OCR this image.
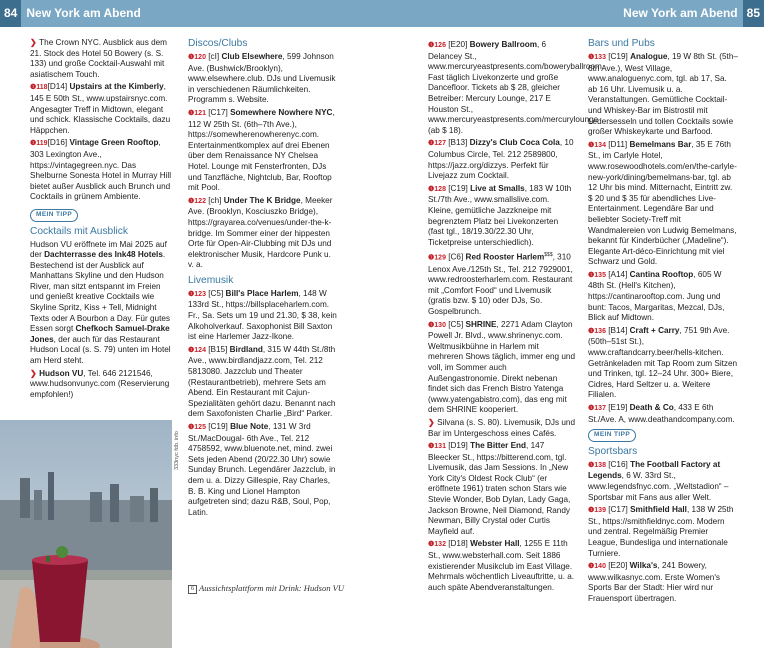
84 New York am Abend	85
New York am Abend

❯ The Crown NYC. Ausblick aus dem 21. Stock des Hotel 50 Bowery (s. S. 133) und große Cocktail-Auswahl mit asiatischem Touch.

❶118[D14] Upstairs at the Kimberly, 145 E 50th St., www.upstairsnyc.com. Angesagter Treff in Midtown, elegant und schick. Klassische Cocktails, dazu Häppchen.

❶119[D16] Vintage Green Rooftop, 303 Lexington Ave., https://vintagegreen.nyc. Das Shelburne Sonesta Hotel in Murray Hill bietet außer Ausblick auch Brunch und Cocktails in grünem Ambiente.

MEIN TIPP
Cocktails mit Ausblick

Hudson VU eröffnete im Mai 2025 auf der Dachterrasse des Ink48 Hotels. Bestechend ist der Ausblick auf Manhattans Skyline und den Hudson River, man sitzt entspannt im Freien und genießt kreative Cocktails wie Skyline Spritz, Kiss + Tell, Midnight Texts oder A Bourbon a Day. Für gutes Essen sorgt Chefkoch Samuel-Drake Jones, der auch für das Restaurant Hudson Local (s. S. 79) unten im Hotel am Herd steht.

❯ Hudson VU, Tel. 646 2121546, www.hudsonvunyc.com (Reservierung empfohlen!)

333nyc fdb. info
6 Aussichtsplattform mit Drink: Hudson VU
Discos/Clubs

❶120 [cI] Club Elsewhere, 599 Johnson Ave. (Bushwick/Brooklyn), www.elsewhere.club. DJs und Livemusik in verschiedenen Räumlichkeiten. Programm s. Website.

❶121 [C17] Somewhere Nowhere NYC, 112 W 25th St. (6th–7th Ave.), https://somewherenowherenyc.com. Entertainmentkomplex auf drei Ebenen über dem Renaissance NY Chelsea Hotel. Lounge mit Fensterfronten, DJs und Tanzfläche, Nightclub, Bar, Rooftop mit Pool.

❶122 [ch] Under The K Bridge, Meeker Ave. (Brooklyn, Kosciuszko Bridge), https://grayarea.co/venues/under-the-k-bridge. Im Sommer einer der hippesten Orte für Open-Air-Clubbing mit DJs und elektronischer Musik, Hardcore Punk u. v. a.

Livemusik

❶123 [C5] Bill's Place Harlem, 148 W 133rd St., https://billsplaceharlem.com. Fr., Sa. Sets um 19 und 21.30, $ 38, kein Alkoholverkauf. Saxophonist Bill Saxton ist eine Harlemer Jazz-Ikone.

❶124 [B15] Birdland, 315 W 44th St./8th Ave., www.birdlandjazz.com, Tel. 212 5813080. Jazzclub und Theater (Restaurantbetrieb), mehrere Sets am Abend. Ein Restaurant mit Cajun-Spezialitäten gehört dazu. Benannt nach dem Saxofonisten Charlie „Bird“ Parker.

❶125 [C19] Blue Note, 131 W 3rd St./MacDougal- 6th Ave., Tel. 212 4758592, www.bluenote.net, mind. zwei Sets jeden Abend (20/22.30 Uhr) sowie Sunday Brunch. Legendärer Jazzclub, in dem u. a. Dizzy Gillespie, Ray Charles, B. B. King und Lionel Hampton aufgetreten sind; dazu R&B, Soul, Pop, Latin.

❶126 [E20] Bowery Ballroom, 6 Delancey St., www.mercuryeastpresents.com/boweryballroom. Fast täglich Livekonzerte und große Dancefloor. Tickets ab $ 28, gleicher Betreiber: Mercury Lounge, 217 E Houston St., www.mercuryeastpresents.com/mercurylounge (ab $ 18).

❶127 [B13] Dizzy's Club Coca Cola, 10 Columbus Circle, Tel. 212 2589800, https://jazz.org/dizzys. Perfekt für Livejazz zum Cocktail.

❶128 [C19] Live at Smalls, 183 W 10th St./7th Ave., www.smallslive.com. Kleine, gemütliche Jazzkneipe mit begrenztem Platz bei Livekonzerten (fast tgl., 18/19.30/22.30 Uhr, Ticketpreise unterschiedlich).

❶129 [C6] Red Rooster Harlem$$$, 310 Lenox Ave./125th St., Tel. 212 7929001, www.redroosterharlem.com. Restaurant mit „Comfort Food“ und Livemusik (gratis bzw. $ 10) oder DJs, So. Gospelbrunch.

❶130 [C5] SHRINE, 2271 Adam Clayton Powell Jr. Blvd., www.shrinenyc.com. Weltmusikbühne in Harlem mit mehreren Shows täglich, immer eng und voll, im Sommer auch Außengastronomie. Direkt nebenan findet sich das French Bistro Yatenga (www.yatengabistro.com), das eng mit dem SHRINE kooperiert.

❯ Silvana (s. S. 80). Livemusik, DJs und Bar im Untergeschoss eines Cafés.

❶131 [D19] The Bitter End, 147 Bleecker St., https://bitterend.com, tgl. Livemusik, das Jam Sessions. In „New York City's Oldest Rock Club“ (er eröffnete 1961) traten schon Stars wie Stevie Wonder, Bob Dylan, Lady Gaga, Jackson Browne, Neil Diamond, Randy Newman, Billy Crystal oder Curtis Mayfield auf.

❶132 [D18] Webster Hall, 1255 E 11th St., www.websterhall.com. Seit 1886 existierender Musikclub im East Village. Mehrmals wöchentlich Liveauftritte, u. a. auch späte Abendveranstaltungen.

Bars und Pubs

❶133 [C19] Analogue, 19 W 8th St. (5th–6th Ave.), West Village, www.analoguenyc.com, tgl. ab 17, Sa. ab 16 Uhr. Livemusik u. a. Veranstaltungen. Gemütliche Cocktail- und Whiskey-Bar im Bistrostil mit Ledersesseln und tollen Cocktails sowie großer Whiskeykarte und Barfood.

❶134 [D11] Bemelmans Bar, 35 E 76th St., im Carlyle Hotel, www.rosewoodhotels.com/en/the-carlyle-new-york/dining/bemelmans-bar, tgl. ab 12 Uhr bis mind. Mitternacht, Eintritt zw. $ 20 und $ 35 für abendliches Live-Entertainment. Legendäre Bar und beliebter Society-Treff mit Wandmalereien von Ludwig Bemelmans, bekannt für Kinderbücher („Madeline“). Elegante Art-déco-Einrichtung mit viel Schwarz und Gold.

❶135 [A14] Cantina Rooftop, 605 W 48th St. (Hell's Kitchen), https://cantinarooftop.com. Jung und bunt: Tacos, Margaritas, Mezcal, DJs, Blick auf Midtown.

❶136 [B14] Craft + Carry, 751 9th Ave. (50th–51st St.), www.craftandcarry.beer/hells-kitchen. Getränkeladen mit Tap Room zum Sitzen und Trinken, tgl. 12–24 Uhr. 300+ Biere, Cidres, Hard Seltzer u. a. Weitere Filialen.

❶137 [E19] Death & Co, 433 E 6th St./Ave. A, www.deathandcompany.com.

MEIN TIPP
Sportsbars

❶138 [C16] The Football Factory at Legends, 6 W. 33rd St., www.legendsfnyc.com. „Weltstadion“ – Sportsbar mit Fans aus aller Welt.

❶139 [C17] Smithfield Hall, 138 W 25th St., https://smithfieldnyc.com. Modern und zentral. Regelmäßig Premier League, Bundesliga und internationale Turniere.

❶140 [E20] Wilka's, 241 Bowery, www.wilkasnyc.com. Erste Women's Sports Bar der Stadt: Hier wird nur Frauensport übertragen.
